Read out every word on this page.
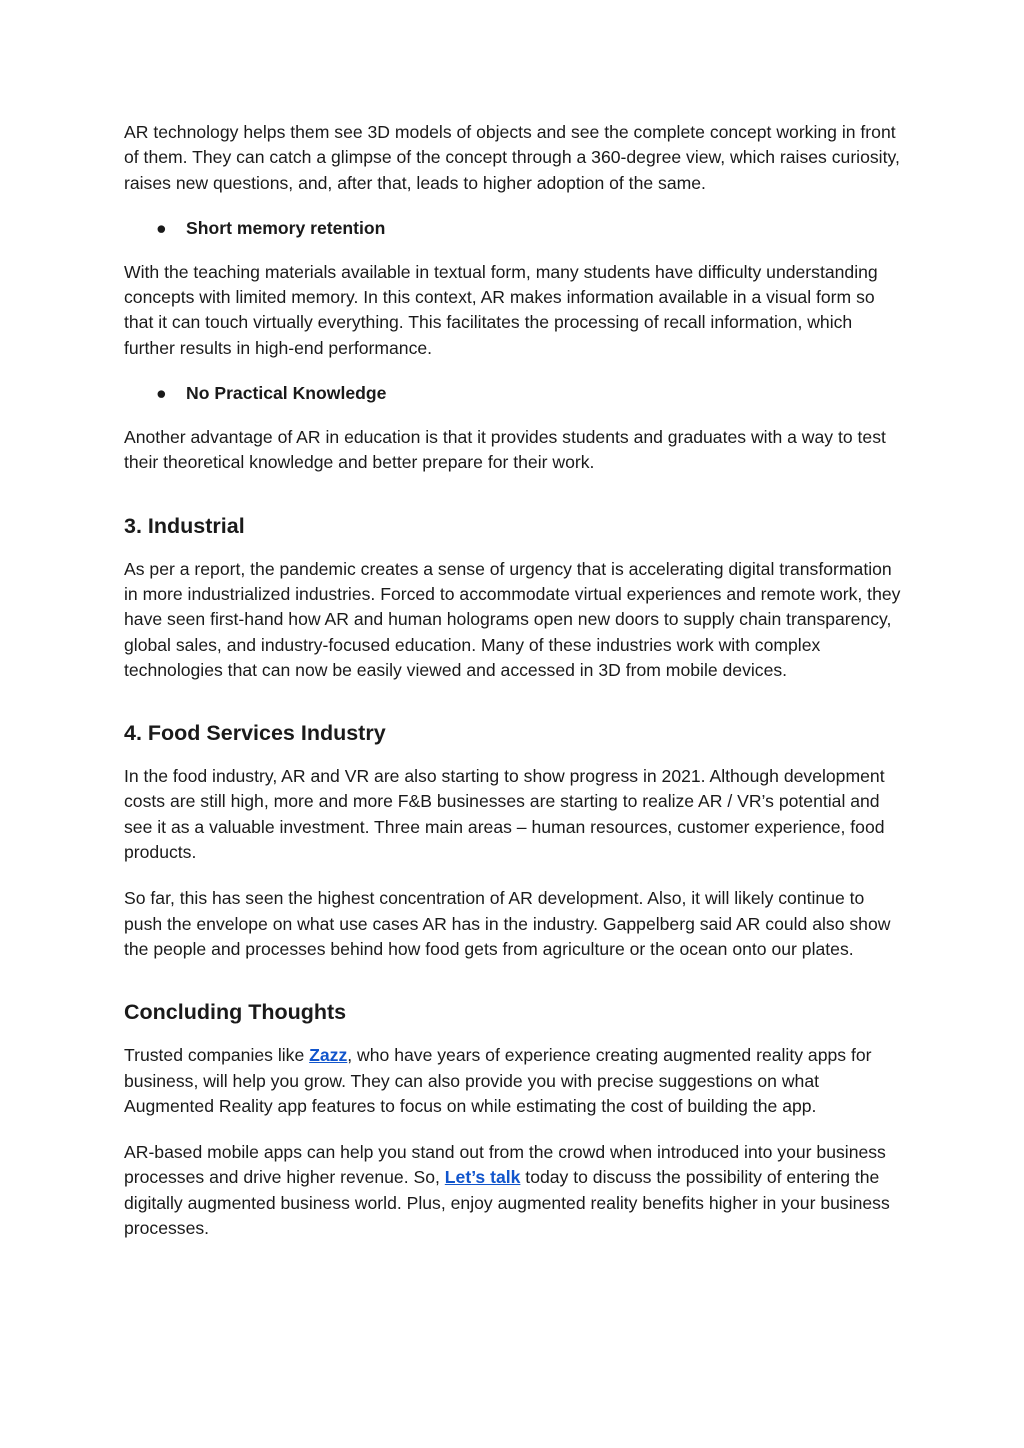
AR technology helps them see 3D models of objects and see the complete concept working in front of them. They can catch a glimpse of the concept through a 360-degree view, which raises curiosity, raises new questions, and, after that, leads to higher adoption of the same.

● Short memory retention

With the teaching materials available in textual form, many students have difficulty understanding concepts with limited memory. In this context, AR makes information available in a visual form so that it can touch virtually everything. This facilitates the processing of recall information, which further results in high-end performance.

● No Practical Knowledge

Another advantage of AR in education is that it provides students and graduates with a way to test their theoretical knowledge and better prepare for their work.

3. Industrial

As per a report, the pandemic creates a sense of urgency that is accelerating digital transformation in more industrialized industries. Forced to accommodate virtual experiences and remote work, they have seen first-hand how AR and human holograms open new doors to supply chain transparency, global sales, and industry-focused education. Many of these industries work with complex technologies that can now be easily viewed and accessed in 3D from mobile devices.

4. Food Services Industry

In the food industry, AR and VR are also starting to show progress in 2021. Although development costs are still high, more and more F&B businesses are starting to realize AR / VR’s potential and see it as a valuable investment. Three main areas – human resources, customer experience, food products.

So far, this has seen the highest concentration of AR development. Also, it will likely continue to push the envelope on what use cases AR has in the industry. Gappelberg said AR could also show the people and processes behind how food gets from agriculture or the ocean onto our plates.

Concluding Thoughts

Trusted companies like Zazz, who have years of experience creating augmented reality apps for business, will help you grow. They can also provide you with precise suggestions on what Augmented Reality app features to focus on while estimating the cost of building the app.

AR-based mobile apps can help you stand out from the crowd when introduced into your business processes and drive higher revenue. So, Let’s talk today to discuss the possibility of entering the digitally augmented business world. Plus, enjoy augmented reality benefits higher in your business processes.
